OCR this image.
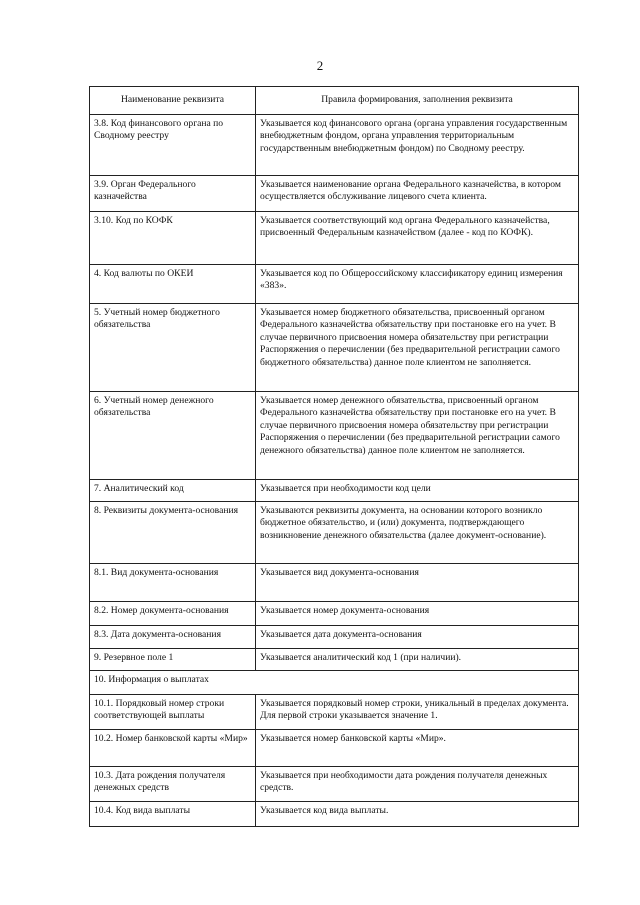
2
Наименование реквизита	Правила формирования, заполнения реквизита
3.8. Код финансового органа по Сводному реестру	Указывается код финансового органа (органа управления государственным внебюджетным фондом, органа управления территориальным государственным внебюджетным фондом) по Сводному реестру.
3.9. Орган Федерального казначейства	Указывается наименование органа Федерального казначейства, в котором осуществляется обслуживание лицевого счета клиента.
3.10. Код по КОФК	Указывается соответствующий код органа Федерального казначейства, присвоенный Федеральным казначейством (далее - код по КОФК).
4. Код валюты по ОКЕИ	Указывается код по Общероссийскому классификатору единиц измерения «383».
5. Учетный номер бюджетного обязательства	Указывается номер бюджетного обязательства, присвоенный органом Федерального казначейства обязательству при постановке его на учет. В случае первичного присвоения номера обязательству при регистрации Распоряжения о перечислении (без предварительной регистрации самого бюджетного обязательства) данное поле клиентом не заполняется.
6. Учетный номер денежного обязательства	Указывается номер денежного обязательства, присвоенный органом Федерального казначейства обязательству при постановке его на учет. В случае первичного присвоения номера обязательству при регистрации Распоряжения о перечислении (без предварительной регистрации самого денежного обязательства) данное поле клиентом не заполняется.
7. Аналитический код	Указывается при необходимости код цели
8. Реквизиты документа-основания	Указываются реквизиты документа, на основании которого возникло бюджетное обязательство, и (или) документа, подтверждающего возникновение денежного обязательства (далее документ-основание).
8.1. Вид документа-основания	Указывается вид документа-основания
8.2. Номер документа-основания	Указывается номер документа-основания
8.3. Дата документа-основания	Указывается дата документа-основания
9. Резервное поле 1	Указывается аналитический код 1 (при наличии).
10. Информация о выплатах	
10.1. Порядковый номер строки соответствующей выплаты	Указывается порядковый номер строки, уникальный в пределах документа. Для первой строки указывается значение 1.
10.2. Номер банковской карты «Мир»	Указывается номер банковской карты «Мир».
10.3. Дата рождения получателя денежных средств	Указывается при необходимости дата рождения получателя денежных средств.
10.4. Код вида выплаты	Указывается код вида выплаты.
